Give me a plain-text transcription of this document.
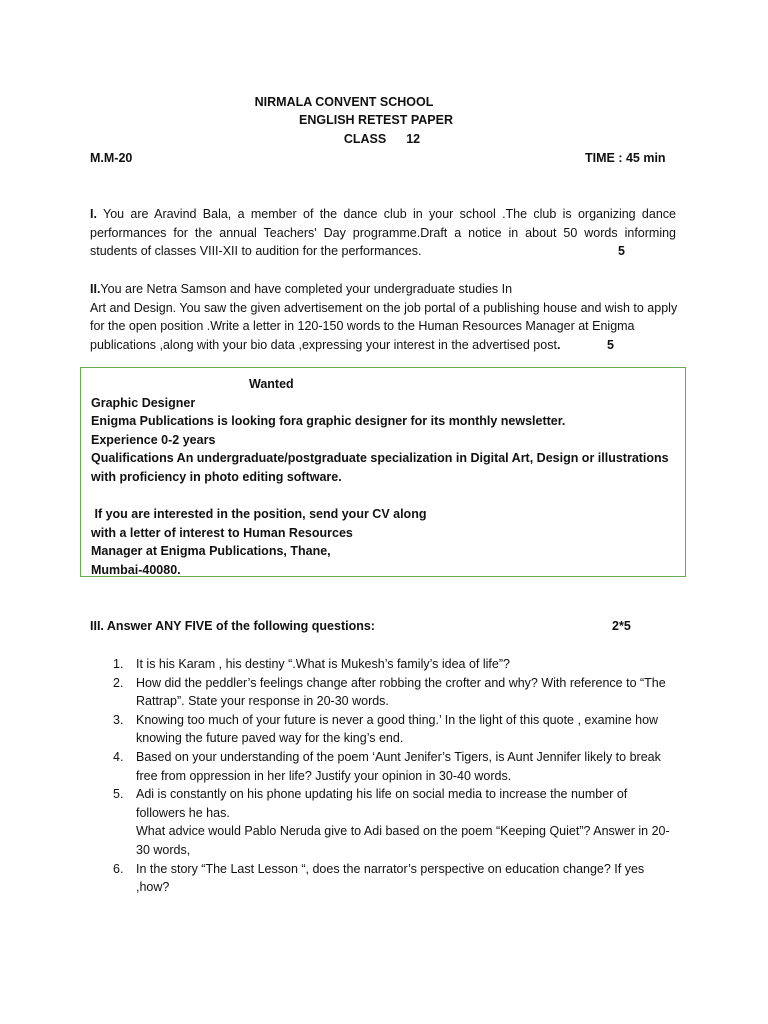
NIRMALA CONVENT SCHOOL
ENGLISH RETEST PAPER
CLASS 12
M.M-20	TIME : 45 min
I. You are Aravind Bala, a member of the dance club in your school .The club is organizing dance performances for the annual Teachers' Day programme.Draft a notice in about 50 words informing students of classes VIII-XII to audition for the performances.	5
II.You are Netra Samson and have completed your undergraduate studies In
Art and Design. You saw the given advertisement on the job portal of a publishing house and wish to apply for the open position .Write a letter in 120-150 words to the Human Resources Manager at Enigma publications ,along with your bio data ,expressing your interest in the advertised post.	5
Wanted
Graphic Designer
Enigma Publications is looking fora graphic designer for its monthly newsletter.
Experience 0-2 years
Qualifications An undergraduate/postgraduate specialization in Digital Art, Design or illustrations with proficiency in photo editing software.
If you are interested in the position, send your CV along
with a letter of interest to Human Resources
Manager at Enigma Publications, Thane,
Mumbai-40080.
III. Answer ANY FIVE of the following questions:	2*5
1. It is his Karam , his destiny “.What is Mukesh’s family’s idea of life”?
2. How did the peddler’s feelings change after robbing the crofter and why? With reference to “The Rattrap”. State your response in 20-30 words.
3. Knowing too much of your future is never a good thing.’ In the light of this quote , examine how knowing the future paved way for the king’s end.
4. Based on your understanding of the poem ‘Aunt Jenifer’s Tigers, is Aunt Jennifer likely to break free from oppression in her life? Justify your opinion in 30-40 words.
5. Adi is constantly on his phone updating his life on social media to increase the number of followers he has.
What advice would Pablo Neruda give to Adi based on the poem “Keeping Quiet”? Answer in 20-30 words,
6. In the story “The Last Lesson “, does the narrator’s perspective on education change? If yes ,how?
